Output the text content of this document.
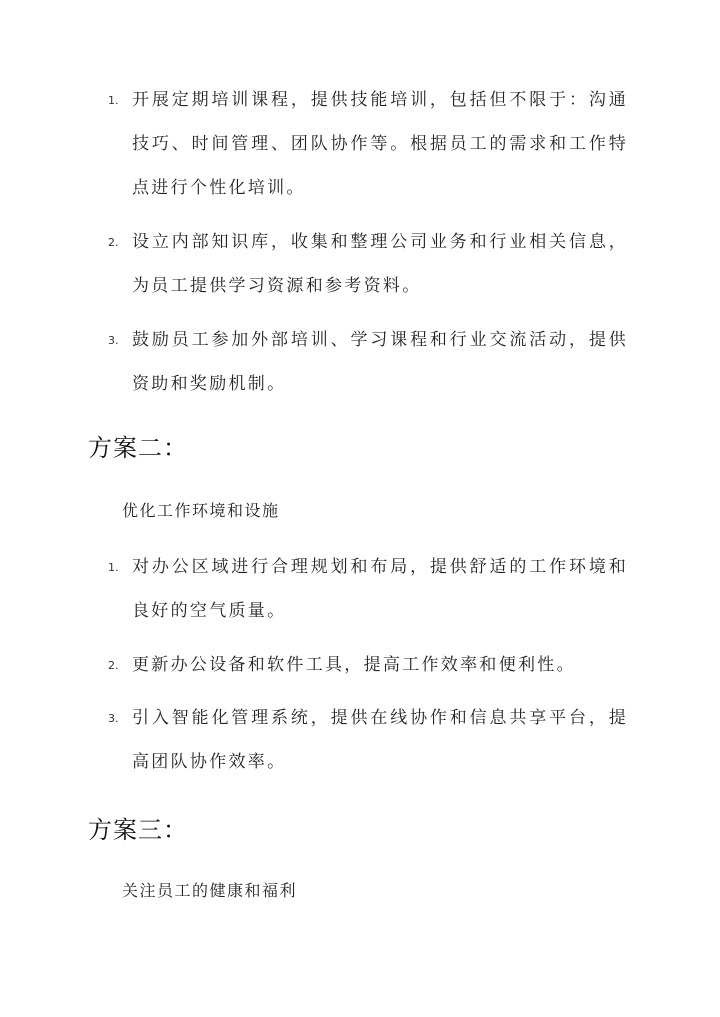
1. 开展定期培训课程，提供技能培训，包括但不限于：沟通技巧、时间管理、团队协作等。根据员工的需求和工作特点进行个性化培训。
2. 设立内部知识库，收集和整理公司业务和行业相关信息，为员工提供学习资源和参考资料。
3. 鼓励员工参加外部培训、学习课程和行业交流活动，提供资助和奖励机制。
方案二：
优化工作环境和设施
1. 对办公区域进行合理规划和布局，提供舒适的工作环境和良好的空气质量。
2. 更新办公设备和软件工具，提高工作效率和便利性。
3. 引入智能化管理系统，提供在线协作和信息共享平台，提高团队协作效率。
方案三：
关注员工的健康和福利
